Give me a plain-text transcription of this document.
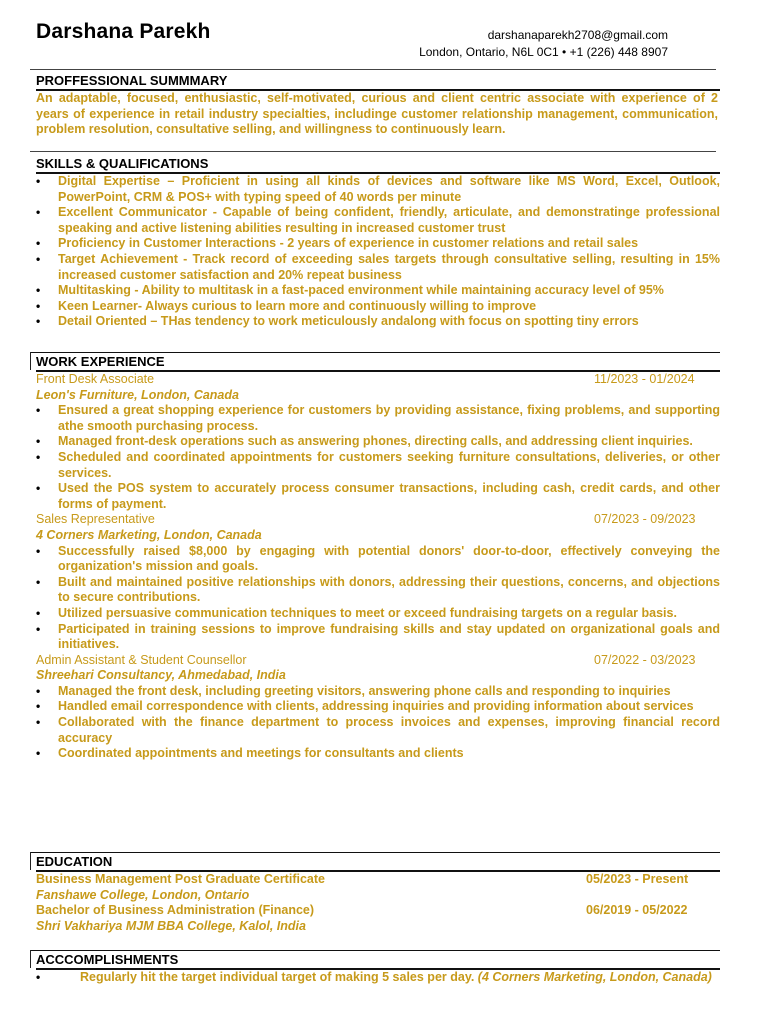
Darshana Parekh	darshanaparekh2708@gmail.com
London, Ontario, N6L 0C1 • +1 (226) 448 8907
PROFFESSIONAL SUMMMARY
An adaptable, focused, enthusiastic, self-motivated, curious and client centric associate with experience of 2 years of experience in retail industry specialties, includinge customer relationship management, communication, problem resolution, consultative selling, and willingness to continuously learn.
SKILLS & QUALIFICATIONS
• Digital Expertise – Proficient in using all kinds of devices and software like MS Word, Excel, Outlook, PowerPoint, CRM & POS+ with typing speed of 40 words per minute
• Excellent Communicator - Capable of being confident, friendly, articulate, and demonstratinge professional speaking and active listening abilities resulting in increased customer trust
• Proficiency in Customer Interactions - 2 years of experience in customer relations and retail sales
• Target Achievement - Track record of exceeding sales targets through consultative selling, resulting in 15% increased customer satisfaction and 20% repeat business
• Multitasking - Ability to multitask in a fast-paced environment while maintaining accuracy level of 95%
• Keen Learner- Always curious to learn more and continuously willing to improve
• Detail Oriented – THas tendency to work meticulously andalong with focus on spotting tiny errors
WORK EXPERIENCE
Front Desk Associate	11/2023 - 01/2024
Leon's Furniture, London, Canada
• Ensured a great shopping experience for customers by providing assistance, fixing problems, and supporting athe smooth purchasing process.
• Managed front-desk operations such as answering phones, directing calls, and addressing client inquiries.
• Scheduled and coordinated appointments for customers seeking furniture consultations, deliveries, or other services.
• Used the POS system to accurately process consumer transactions, including cash, credit cards, and other forms of payment.
Sales Representative	07/2023 - 09/2023
4 Corners Marketing, London, Canada
• Successfully raised $8,000 by engaging with potential donors' door-to-door, effectively conveying the organization's mission and goals.
• Built and maintained positive relationships with donors, addressing their questions, concerns, and objections to secure contributions.
• Utilized persuasive communication techniques to meet or exceed fundraising targets on a regular basis.
• Participated in training sessions to improve fundraising skills and stay updated on organizational goals and initiatives.
Admin Assistant & Student Counsellor	07/2022 - 03/2023
Shreehari Consultancy, Ahmedabad, India
• Managed the front desk, including greeting visitors, answering phone calls and responding to inquiries
• Handled email correspondence with clients, addressing inquiries and providing information about services
• Collaborated with the finance department to process invoices and expenses, improving financial record accuracy
• Coordinated appointments and meetings for consultants and clients
EDUCATION
Business Management Post Graduate Certificate	05/2023 - Present
Fanshawe College, London, Ontario
Bachelor of Business Administration (Finance)	06/2019 - 05/2022
Shri Vakhariya MJM BBA College, Kalol, India
ACCCOMPLISHMENTS
• Regularly hit the target individual target of making 5 sales per day. (4 Corners Marketing, London, Canada)
